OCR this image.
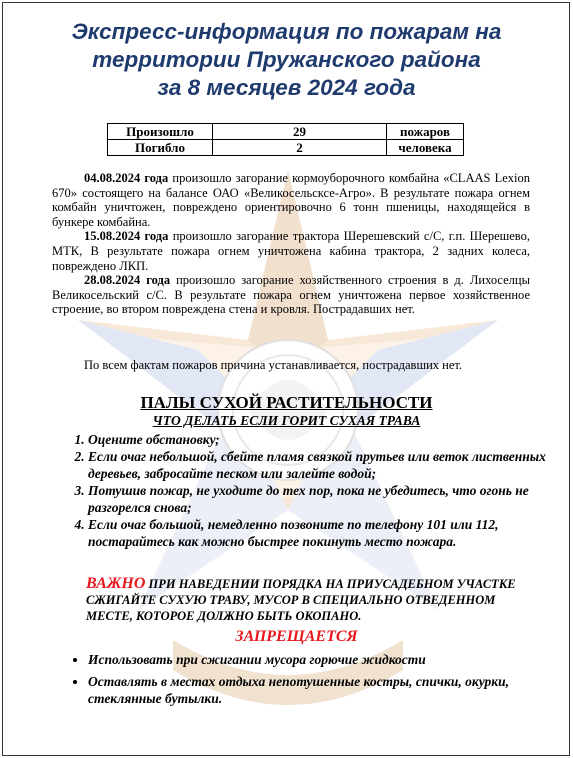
Экспресс-информация по пожарам на
территории Пружанского района
за 8 месяцев 2024 года
Произошло	29	пожаров
Погибло	2	человека

04.08.2024 года произошло загорание кормоуборочного комбайна «CLAAS Lexion 670» состоящего на балансе ОАО «Великосельсксе-Агро». В результате пожара огнем комбайн уничтожен, повреждено ориентировочно 6 тонн пшеницы, находящейся в бункере комбайна.

15.08.2024 года произошло загорание трактора Шерешевский с/С, г.п. Шерешево, МТК, В результате пожара огнем уничтожена кабина трактора, 2 задних колеса, повреждено ЛКП.

28.08.2024 года произошло загорание хозяйственного строения в д. Лихоселцы Великосельский с/С. В результате пожара огнем уничтожена первое хозяйственное строение, во втором повреждена стена и кровля. Пострадавших нет.

По всем фактам пожаров причина устанавливается, пострадавших нет.
ПАЛЫ СУХОЙ РАСТИТЕЛЬНОСТИ
ЧТО ДЕЛАТЬ ЕСЛИ ГОРИТ СУХАЯ ТРАВА
1. Оцените обстановку;
2. Если очаг небольшой, сбейте пламя связкой прутьев или веток лиственных деревьев, забросайте песком или залейте водой;
3. Потушив пожар, не уходите до тех пор, пока не убедитесь, что огонь не разгорелся снова;
4. Если очаг большой, немедленно позвоните по телефону 101 или 112, постарайтесь как можно быстрее покинуть место пожара.
ВАЖНО ПРИ НАВЕДЕНИИ ПОРЯДКА НА ПРИУСАДЕБНОМ УЧАСТКЕ СЖИГАЙТЕ СУХУЮ ТРАВУ, МУСОР В СПЕЦИАЛЬНО ОТВЕДЕННОМ МЕСТЕ, КОТОРОЕ ДОЛЖНО БЫТЬ ОКОПАНО.
ЗАПРЕЩАЕТСЯ
• Использовать при сжигании мусора горючие жидкости
• Оставлять в местах отдыха непотушенные костры, спички, окурки, стеклянные бутылки.
